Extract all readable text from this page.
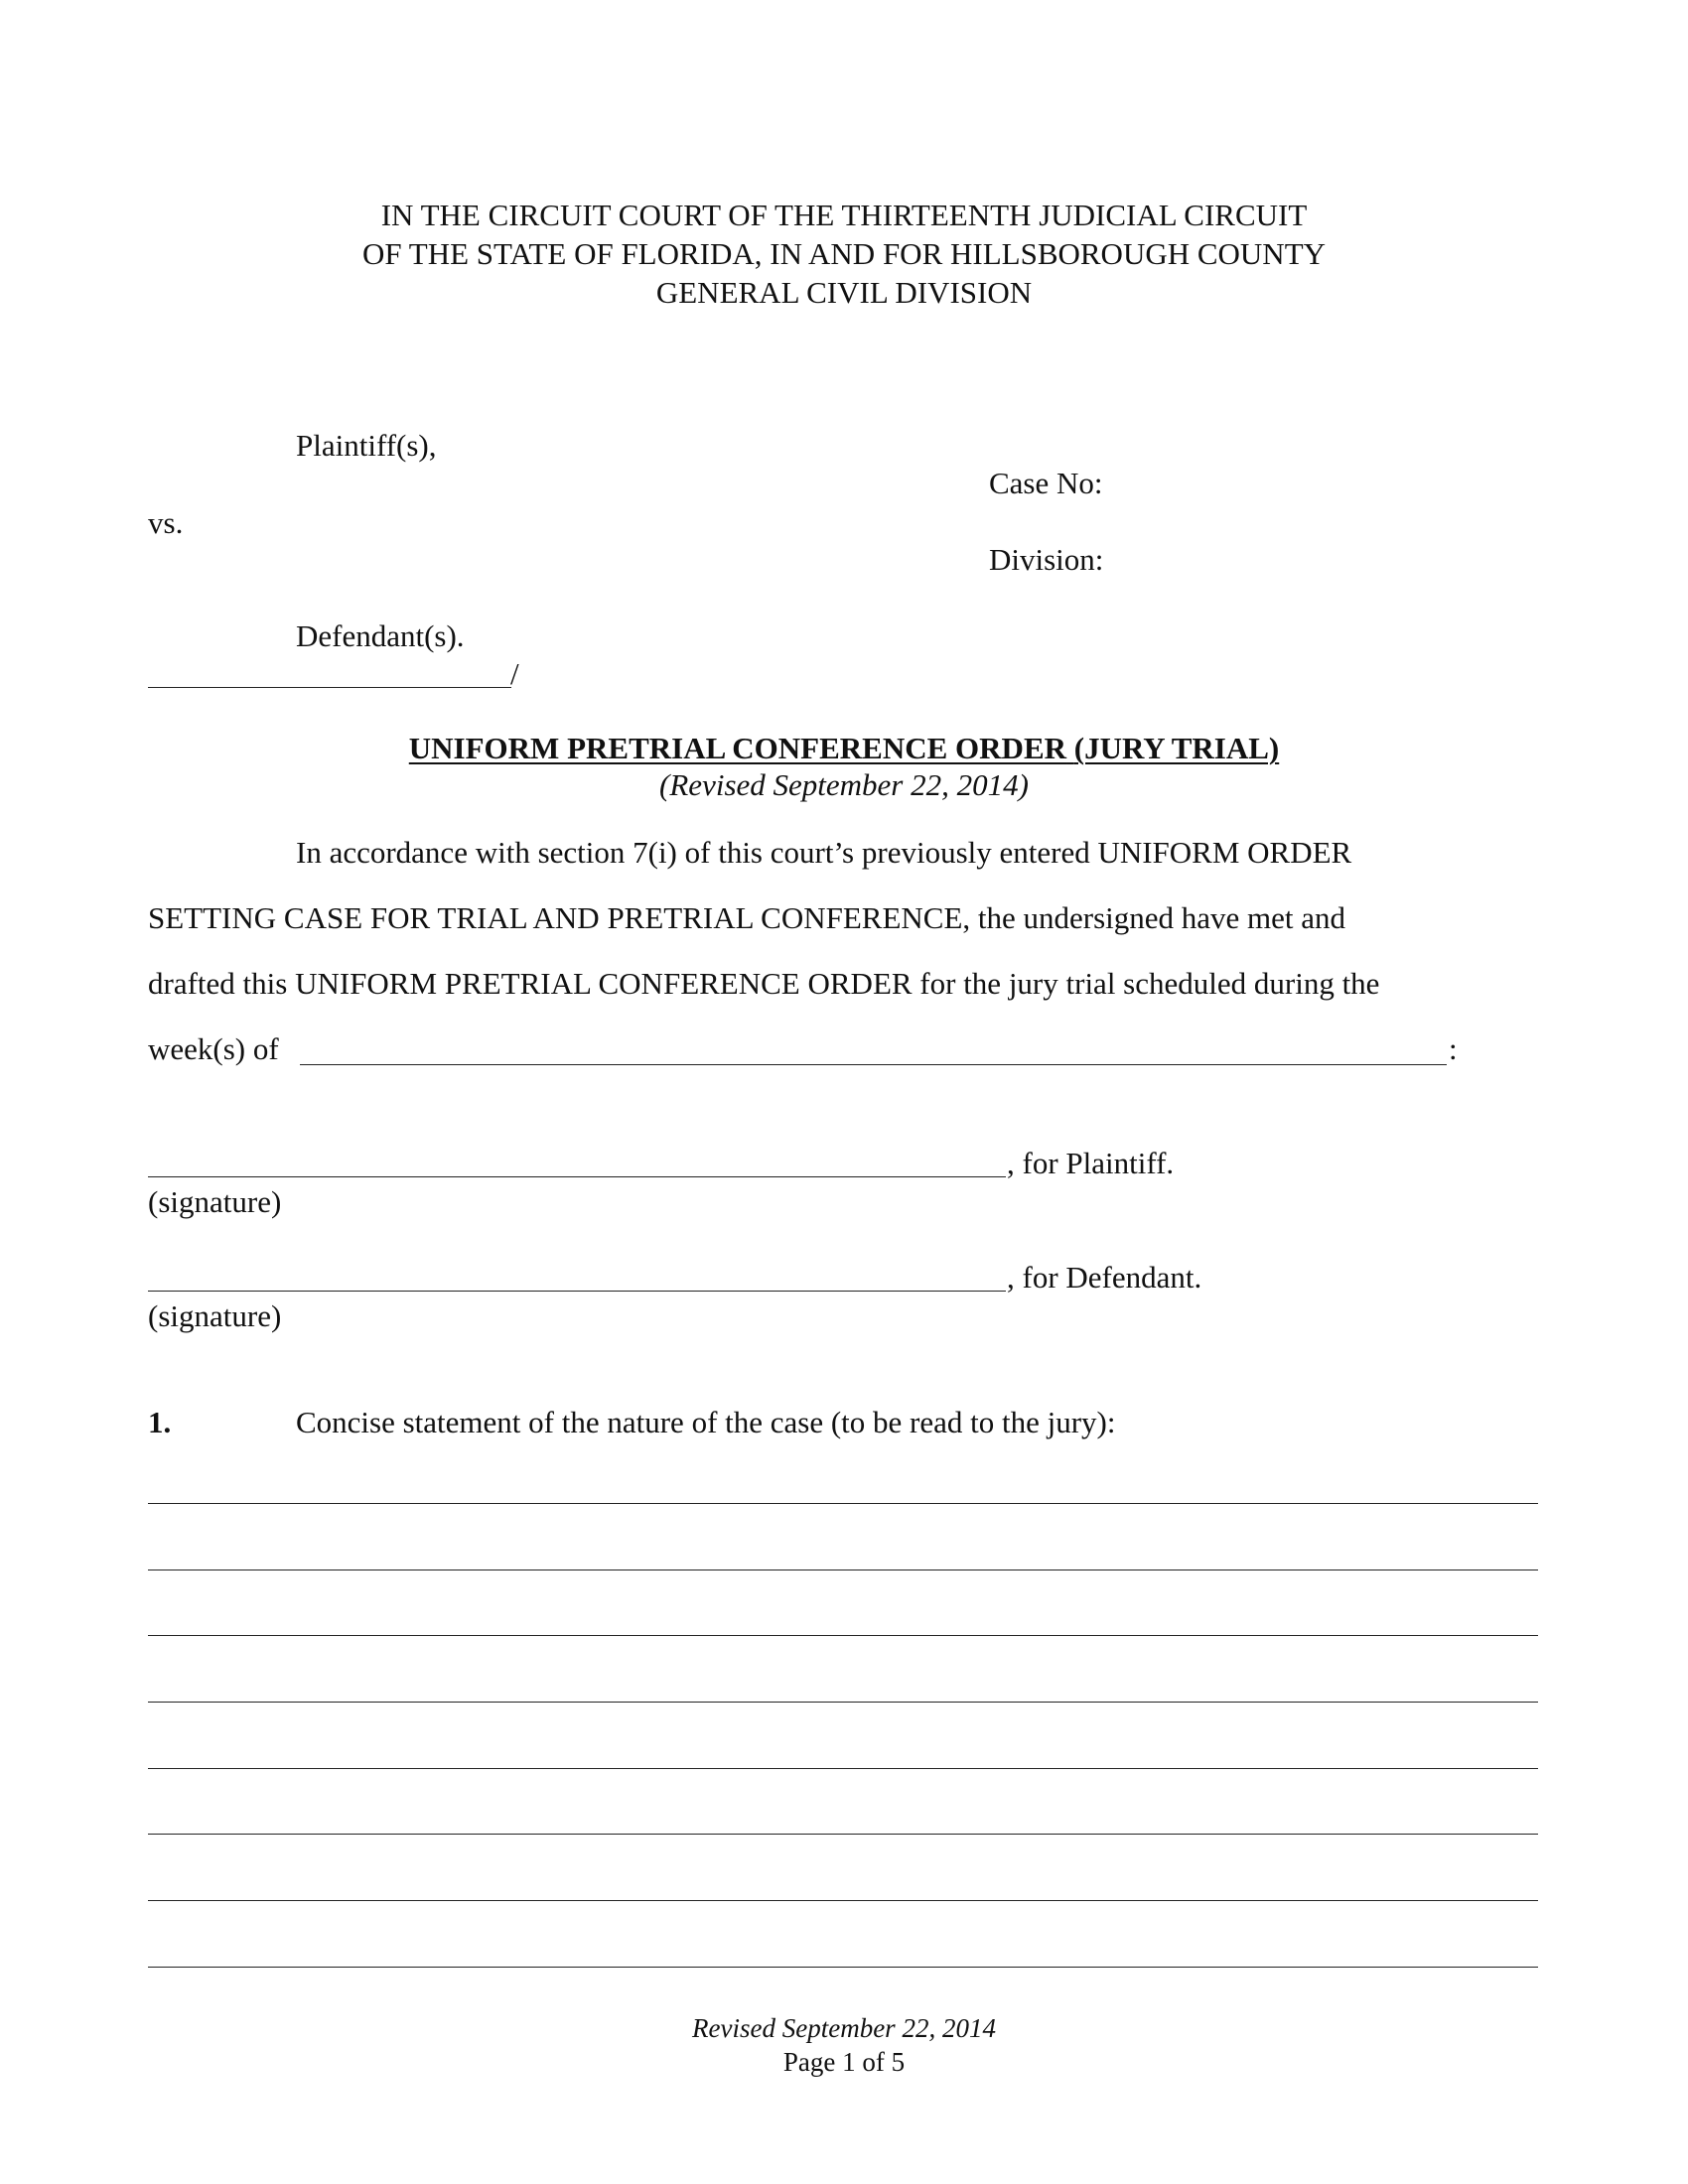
IN THE CIRCUIT COURT OF THE THIRTEENTH JUDICIAL CIRCUIT
OF THE STATE OF FLORIDA, IN AND FOR HILLSBOROUGH COUNTY
GENERAL CIVIL DIVISION
Plaintiff(s),
Case No:
vs.
Division:
Defendant(s).
/
UNIFORM PRETRIAL CONFERENCE ORDER (JURY TRIAL)
(Revised September 22, 2014)
In accordance with section 7(i) of this court’s previously entered UNIFORM ORDER
SETTING CASE FOR TRIAL AND PRETRIAL CONFERENCE, the undersigned have met and
drafted this UNIFORM PRETRIAL CONFERENCE ORDER for the jury trial scheduled during the
week(s) of	:
, for Plaintiff.
(signature)
, for Defendant.
(signature)
1.	Concise statement of the nature of the case (to be read to the jury):
Revised September 22, 2014
Page 1 of 5
